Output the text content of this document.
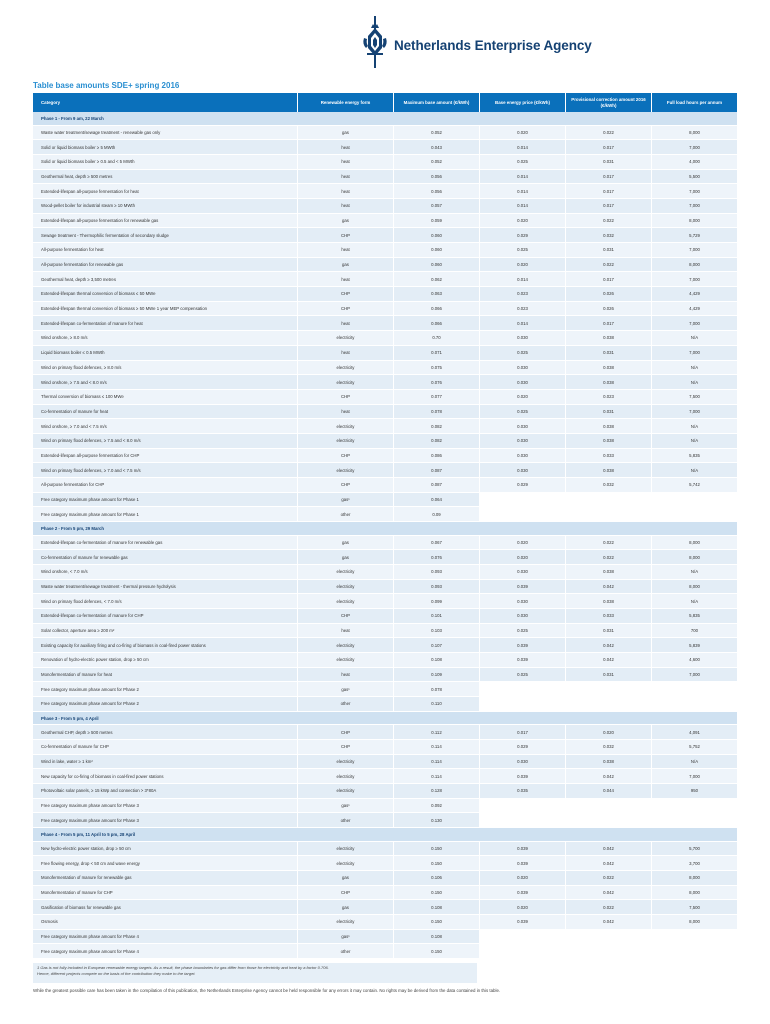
Netherlands Enterprise Agency
Table base amounts SDE+ spring 2016
Category	Renewable energy form	Maximum base amount (€/kWh)	Base energy price (€/kWh)	Provisional correction amount 2016 (€/kWh)	Full load hours per annum
Phase 1 - From 9 am, 22 March					
Waste water treatment/sewage treatment - renewable gas only	gas	0.052	0.020	0.022	8,000
Solid or liquid biomass boiler ≥ 5 MWth	heat	0.043	0.014	0.017	7,000
Solid or liquid biomass boiler ≥ 0.5 and < 5 MWth	heat	0.052	0.025	0.031	4,000
Geothermal heat, depth ≥ 500 metres	heat	0.056	0.014	0.017	5,500
Extended-lifespan all-purpose fermentation for heat	heat	0.056	0.014	0.017	7,000
Wood-pellet boiler for industrial steam ≥ 10 MWth	heat	0.057	0.014	0.017	7,000
Extended-lifespan all-purpose fermentation for renewable gas	gas	0.059	0.020	0.022	8,000
Sewage treatment - Thermophilic fermentation of secondary sludge	CHP	0.060	0.029	0.032	5,729
All-purpose fermentation for heat	heat	0.060	0.025	0.031	7,000
All-purpose fermentation for renewable gas	gas	0.060	0.020	0.022	8,000
Geothermal heat, depth ≥ 3,500 metres	heat	0.062	0.014	0.017	7,000
Extended-lifespan thermal conversion of biomass ≤ 50 MWe	CHP	0.063	0.023	0.026	4,429
Extended-lifespan thermal conversion of biomass ≥ 50 MWe 1 year MEP compensation	CHP	0.066	0.023	0.026	4,429
Extended-lifespan co-fermentation of manure for heat	heat	0.066	0.014	0.017	7,000
Wind onshore, ≥ 8.0 m/s	electricity	0.70	0.030	0.038	N/A
Liquid biomass boiler ≤ 0.5 MWth	heat	0.071	0.025	0.031	7,000
Wind on primary flood defences, ≥ 8.0 m/s	electricity	0.075	0.030	0.038	N/A
Wind onshore, ≥ 7.5 and < 8.0 m/s	electricity	0.076	0.030	0.038	N/A
Thermal conversion of biomass ≤ 100 MWe	CHP	0.077	0.020	0.023	7,500
Co-fermentation of manure for heat	heat	0.078	0.025	0.031	7,000
Wind onshore, ≥ 7.0 and < 7.5 m/s	electricity	0.082	0.030	0.038	N/A
Wind on primary flood defences, ≥ 7.5 and < 8.0 m/s	electricity	0.082	0.030	0.038	N/A
Extended-lifespan all-purpose fermentation for CHP	CHP	0.086	0.030	0.033	5,835
Wind on primary flood defences, ≥ 7.0 and < 7.5 m/s	electricity	0.087	0.030	0.038	N/A
All-purpose fermentation for CHP	CHP	0.087	0.029	0.032	5,742
Free category maximum phase amount for Phase 1	gas¹	0.064			
Free category maximum phase amount for Phase 1	other	0.09			
Phase 2 - From 5 pm, 29 March					
Extended-lifespan co-fermentation of manure for renewable gas	gas	0.067	0.020	0.022	8,000
Co-fermentation of manure for renewable gas	gas	0.076	0.020	0.022	8,000
Wind onshore, < 7.0 m/s	electricity	0.093	0.030	0.038	N/A
Waste water treatment/sewage treatment - thermal pressure hydrolysis	electricity	0.093	0.039	0.042	8,000
Wind on primary flood defences, < 7.0 m/s	electricity	0.099	0.030	0.038	N/A
Extended-lifespan co-fermentation of manure for CHP	CHP	0.101	0.030	0.033	5,835
Solar collector, aperture area ≥ 200 m²	heat	0.103	0.025	0.031	700
Existing capacity for auxiliary firing and co-firing of biomass in coal-fired power stations	electricity	0.107	0.039	0.042	5,839
Renovation of hydro-electric power station, drop ≥ 50 cm	electricity	0.108	0.039	0.042	4,600
Monofermentation of manure for heat	heat	0.109	0.025	0.031	7,000
Free category maximum phase amount for Phase 2	gas¹	0.078			
Free category maximum phase amount for Phase 2	other	0.110			
Phase 3 - From 5 pm, 4 April					
Geothermal CHP, depth ≥ 500 metres	CHP	0.112	0.017	0.020	4,091
Co-fermentation of manure for CHP	CHP	0.114	0.029	0.032	5,752
Wind in lake, water ≥ 1 km²	electricity	0.114	0.030	0.038	N/A
New capacity for co-firing of biomass in coal-fired power stations	electricity	0.114	0.039	0.042	7,000
Photovoltaic solar panels, ≥ 15 kWp and connection > 3*80A	electricity	0.128	0.035	0.044	950
Free category maximum phase amount for Phase 3	gas¹	0.092			
Free category maximum phase amount for Phase 3	other	0.130			
Phase 4 - From 5 pm, 11 April to 5 pm, 28 April					
New hydro-electric power station, drop ≥ 50 cm	electricity	0.150	0.039	0.042	5,700
Free flowing energy, drop < 50 cm and wave energy	electricity	0.150	0.039	0.042	3,700
Monofermentation of manure for renewable gas	gas	0.106	0.020	0.022	8,000
Monofermentation of manure for CHP	CHP	0.150	0.039	0.042	8,000
Gasification of biomass for renewable gas	gas	0.108	0.020	0.022	7,500
Osmosis	electricity	0.150	0.039	0.042	8,000
Free category maximum phase amount for Phase 4	gas¹	0.108			
Free category maximum phase amount for Phase 4	other	0.150			
1 Gas is not fully included in European renewable energy targets. As a result, the phase boundaries for gas differ from those for electricity and heat by a factor 0.706.
Hence, different projects compete on the basis of the contribution they make to the target.
While the greatest possible care has been taken in the compilation of this publication, the Netherlands Enterprise Agency cannot be held responsible for any errors it may contain. No rights may be derived from the data contained in this table.
